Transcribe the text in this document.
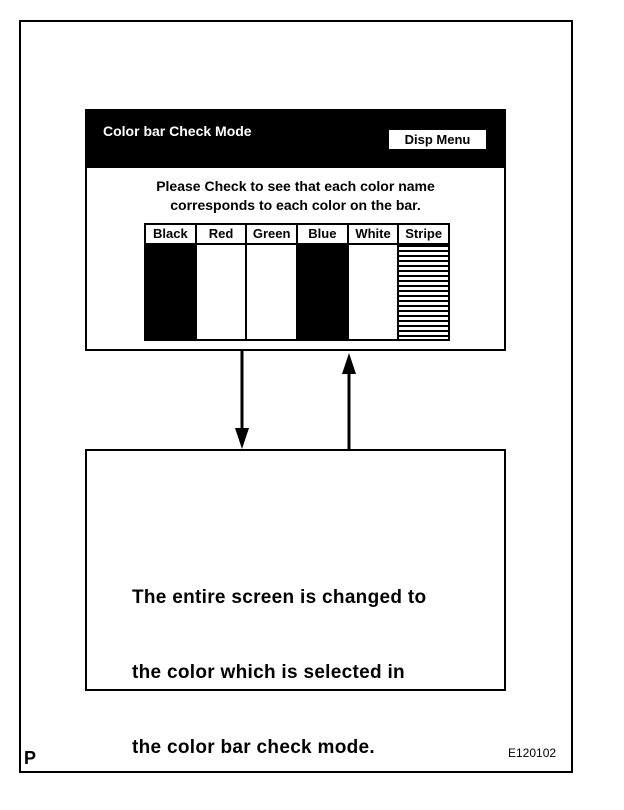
Color bar Check Mode
Disp Menu
Please Check to see that each color name
corresponds to each color on the bar.
Black	Red	Green	Blue	White	Stripe

The entire screen is changed to

the color which is selected in

the color bar check mode.

P	E120102
